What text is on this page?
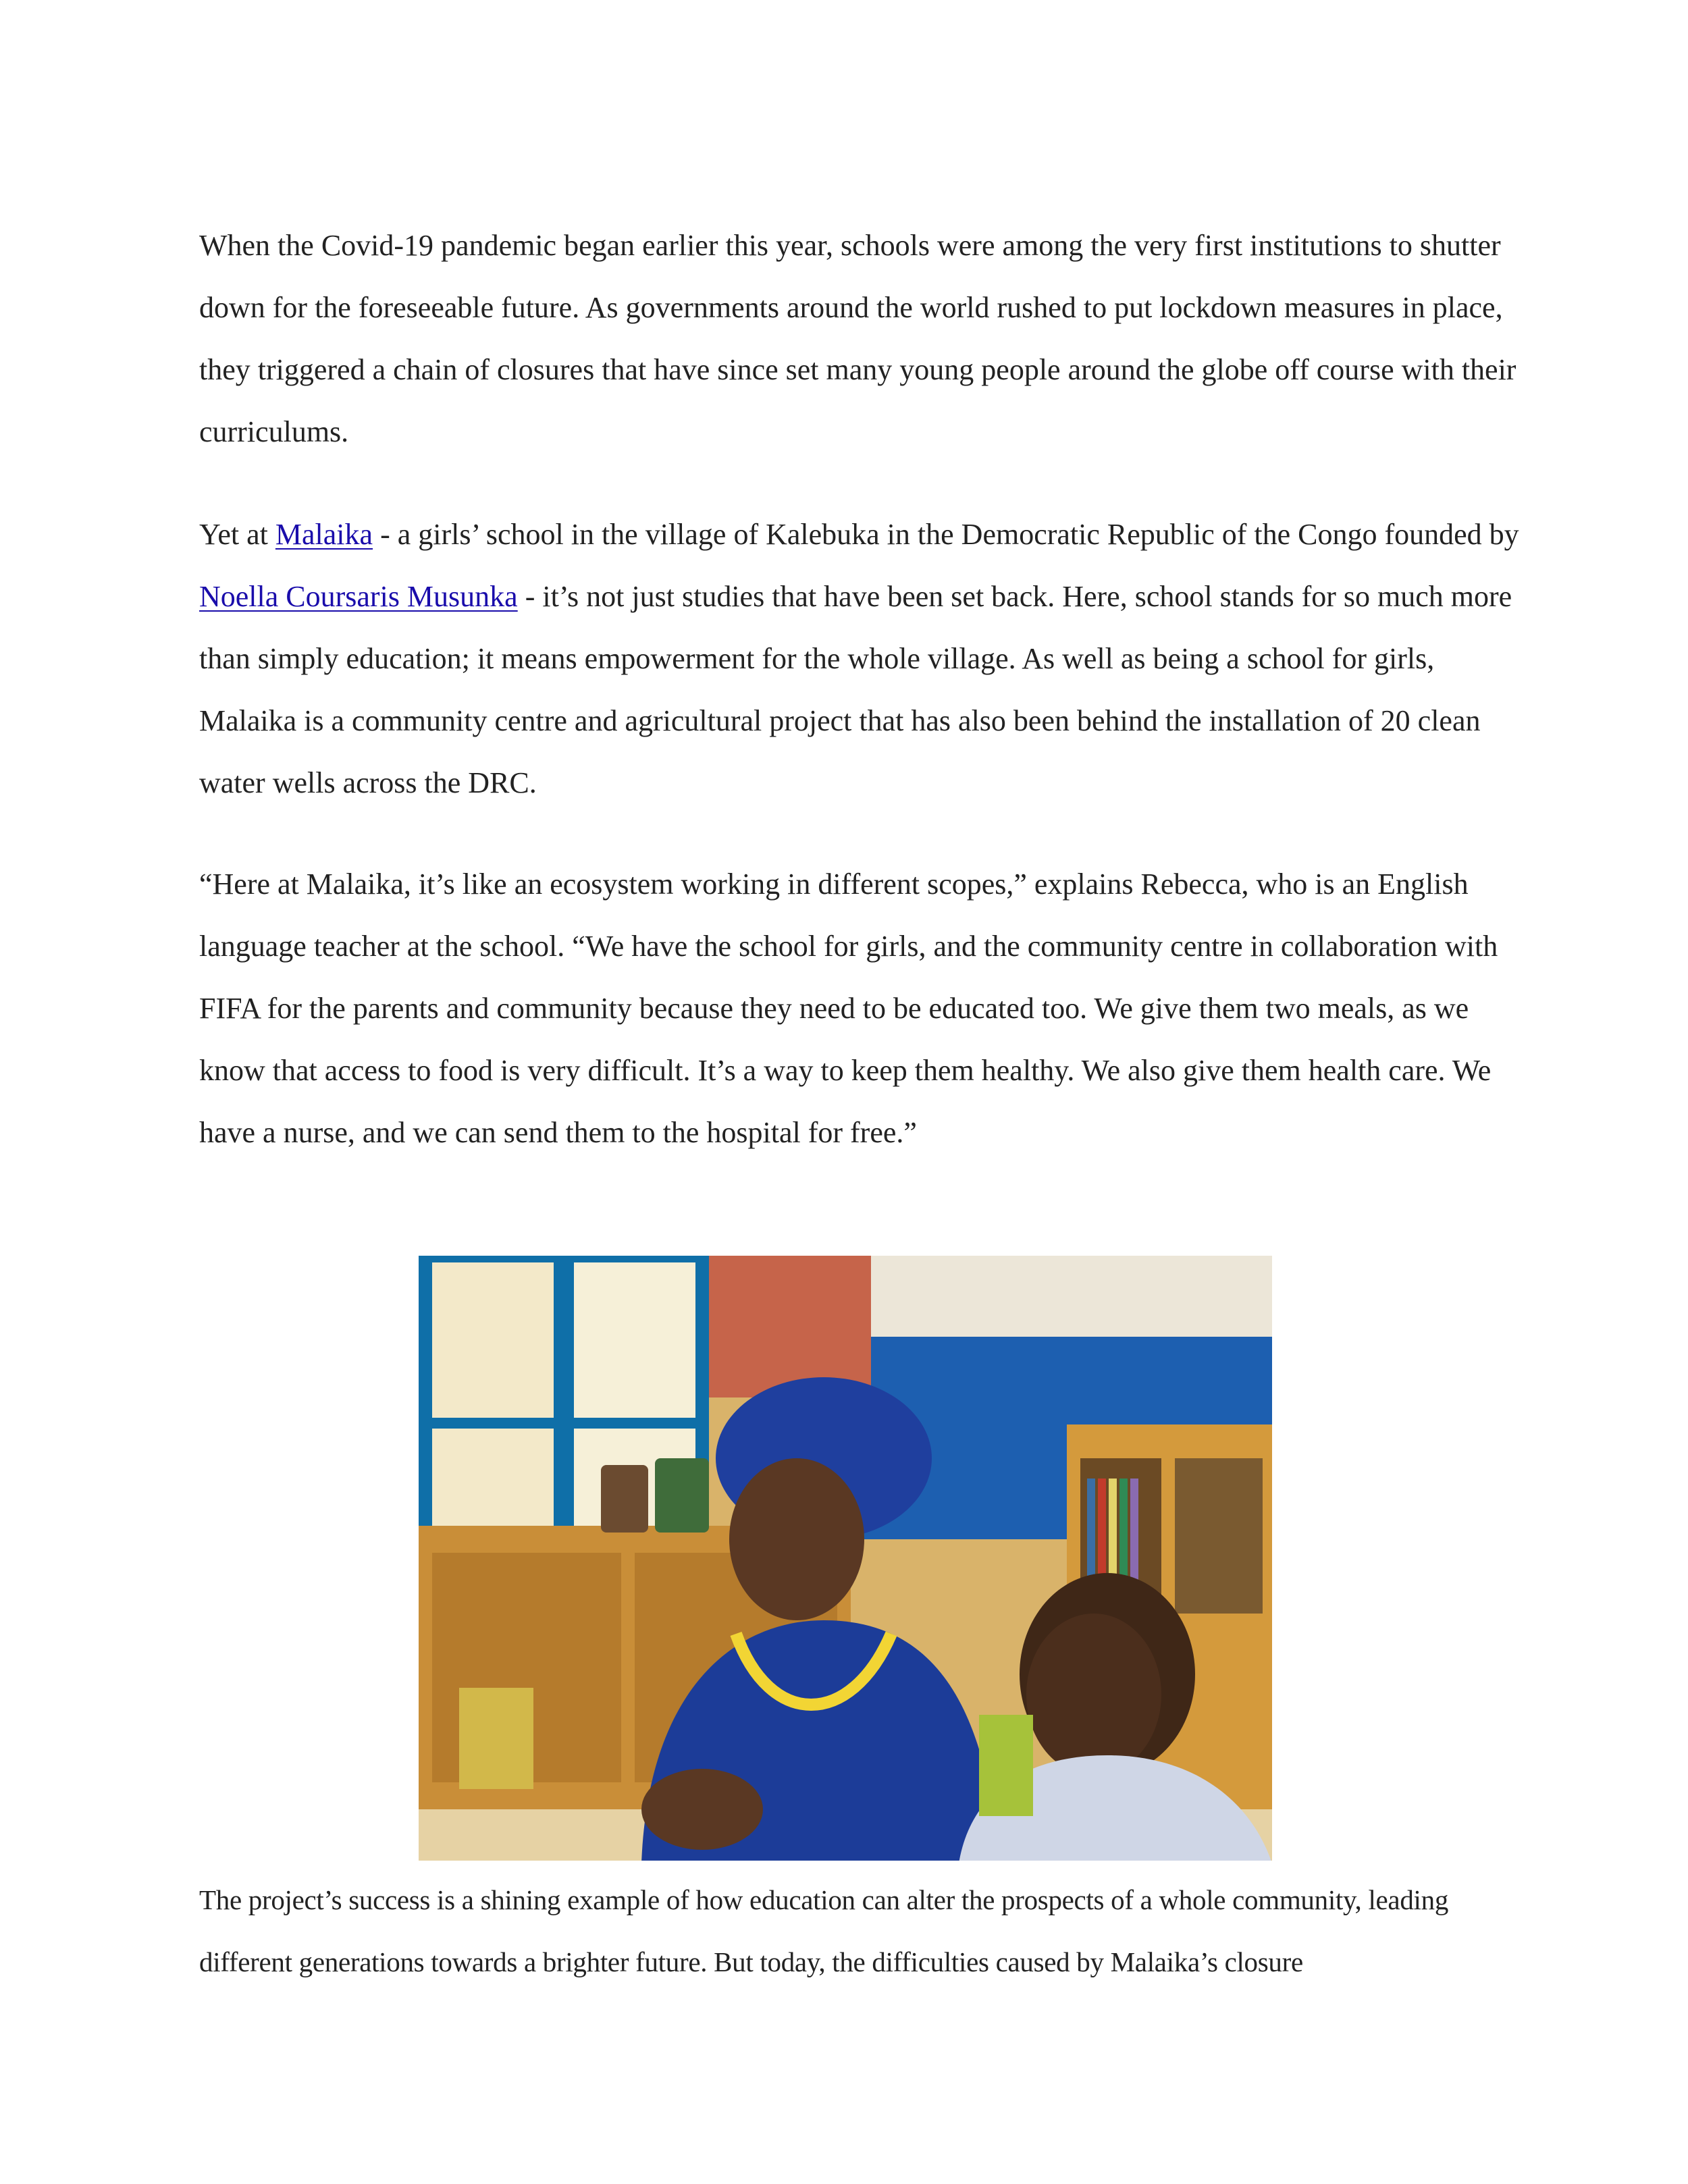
When the Covid-19 pandemic began earlier this year, schools were among the very first institutions to shutter down for the foreseeable future. As governments around the world rushed to put lockdown measures in place, they triggered a chain of closures that have since set many young people around the globe off course with their curriculums.

Yet at Malaika - a girls’ school in the village of Kalebuka in the Democratic Republic of the Congo founded by Noella Coursaris Musunka - it’s not just studies that have been set back. Here, school stands for so much more than simply education; it means empowerment for the whole village. As well as being a school for girls, Malaika is a community centre and agricultural project that has also been behind the installation of 20 clean water wells across the DRC.

“Here at Malaika, it’s like an ecosystem working in different scopes,” explains Rebecca, who is an English language teacher at the school. “We have the school for girls, and the community centre in collaboration with FIFA for the parents and community because they need to be educated too. We give them two meals, as we know that access to food is very difficult. It’s a way to keep them healthy. We also give them health care. We have a nurse, and we can send them to the hospital for free.”

The project’s success is a shining example of how education can alter the prospects of a whole community, leading different generations towards a brighter future. But today, the difficulties caused by Malaika’s closure
